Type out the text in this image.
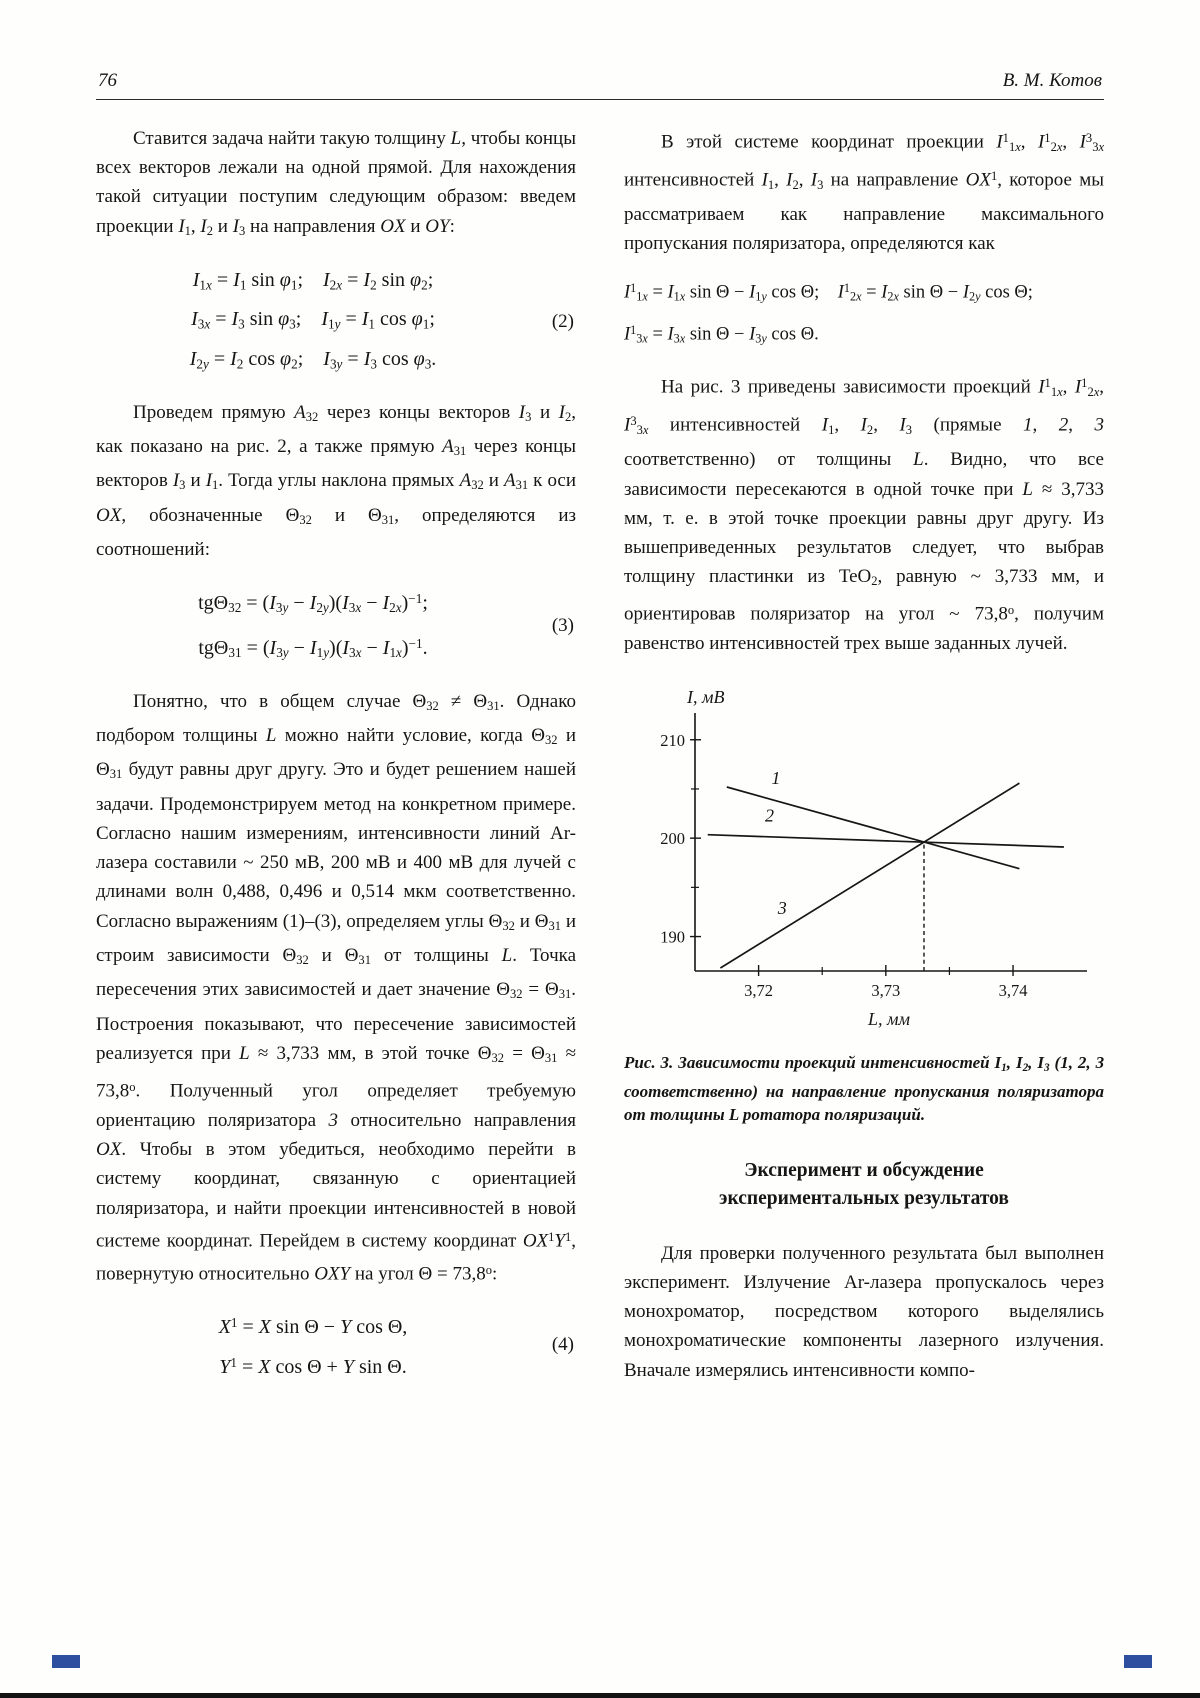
76	В. М. Котов

Ставится задача найти такую толщину L, чтобы концы всех векторов лежали на одной прямой. Для нахождения такой ситуации поступим следующим образом: введем проекции $I_1$, $I_2$ и $I_3$ на направления OX и OY:

$I_{1x} = I_1$ $\sin \varphi_1$;    $I_{2x} = I_2$ $\sin \varphi_2$;
$I_{3x} = I_3$ $\sin \varphi_3$;    $I_{1y} = I_1$ $\cos \varphi_1$;
$I_{2y} = I_2$ $\cos \varphi_2$;    $I_{3y} = I_3$ $\cos \varphi_3$.
(2)

Проведем прямую $A_{32}$ через концы векторов $I_3$ и $I_2$, как показано на рис. 2, а также прямую $A_{31}$ через концы векторов $I_3$ и $I_1$. Тогда углы наклона прямых $A_{32}$ и $A_{31}$ к оси OX, обозначенные $\Theta_{32}$ и $\Theta_{31}$, определяются из соотношений:

$tg\Theta_{32} = (I_{3y} - I_{2y})(I_{3x} - I_{2x})^{-1}$;
$tg\Theta_{31} = (I_{3y} - I_{1y})(I_{3x} - I_{1x})^{-1}$.
(3)

Понятно, что в общем случае $\Theta_{32} \ne \Theta_{31}$. Однако подбором толщины L можно найти условие, когда $\Theta_{32}$ и $\Theta_{31}$ будут равны друг другу. Это и будет решением нашей задачи. Продемонстрируем метод на конкретном примере. Согласно нашим измерениям, интенсивности линий Ar-лазера составили ~ 250 мВ, 200 мВ и 400 мВ для лучей с длинами волн 0,488, 0,496 и 0,514 мкм соответственно. Согласно выражениям (1)–(3), определяем углы $\Theta_{32}$ и $\Theta_{31}$ и строим зависимости $\Theta_{32}$ и $\Theta_{31}$ от толщины L. Точка пересечения этих зависимостей и дает значение $\Theta_{32} = \Theta_{31}$. Построения показывают, что пересечение зависимостей реализуется при L ≈ 3,733 мм, в этой точке $\Theta_{32} = \Theta_{31} \approx 73,8^o$. Полученный угол определяет требуемую ориентацию поляризатора 3 относительно направления OX. Чтобы в этом убедиться, необходимо перейти в систему координат, связанную с ориентацией поляризатора, и найти проекции интенсивностей в новой системе координат. Перейдем в систему координат $OX^1Y^1$, повернутую относительно OXY на угол $\Theta = 73,8^o$:

$X^1 = X$ sin Θ − Y cos Θ,
$Y^1 = X$ cos Θ + Y sin Θ.
(4)

В этой системе координат проекции $I^1_{1x}$, $I^1_{2x}$, $I^3_{3x}$ интенсивностей $I_1$, $I_2$, $I_3$ на направление $OX^1$, которое мы рассматриваем как направление максимального пропускания поляризатора, определяются как

$I^1_{1x} = I_{1x}$ $\sin \Theta - I_{1y}$ cos Θ;    $I^1_{2x} = I_{2x}$ $\sin \Theta - I_{2y}$ cos Θ;
$I^1_{3x} = I_{3x}$ $\sin \Theta - I_{3y}$ cos Θ.

На рис. 3 приведены зависимости проекций $I^1_{1x}$, $I^1_{2x}$, $I^3_{3x}$ интенсивностей $I_1$, $I_2$, $I_3$ (прямые 1, 2, 3 соответственно) от толщины L. Видно, что все зависимости пересекаются в одной точке при L ≈ 3,733 мм, т. е. в этой точке проекции равны друг другу. Из вышеприведенных результатов следует, что выбрав толщину пластинки из TeO$_2$, равную ~ 3,733 мм, и ориентировав поляризатор на угол ~ 73,8$^o$, получим равенство интенсивностей трех выше заданных лучей.

210
200
190
3,72	3,73	3,74
1
2
3
I, мВ
L, мм
Рис. 3. Зависимости проекций интенсивностей $I_1$, $I_2$, $I_3$ (1, 2, 3 соответственно) на направление пропускания поляризатора от толщины L ротатора поляризаций.
Эксперимент и обсуждение экспериментальных результатов

Для проверки полученного результата был выполнен эксперимент. Излучение Ar-лазера пропускалось через монохроматор, посредством которого выделялись монохроматические компоненты лазерного излучения. Вначале измерялись интенсивности компо-
